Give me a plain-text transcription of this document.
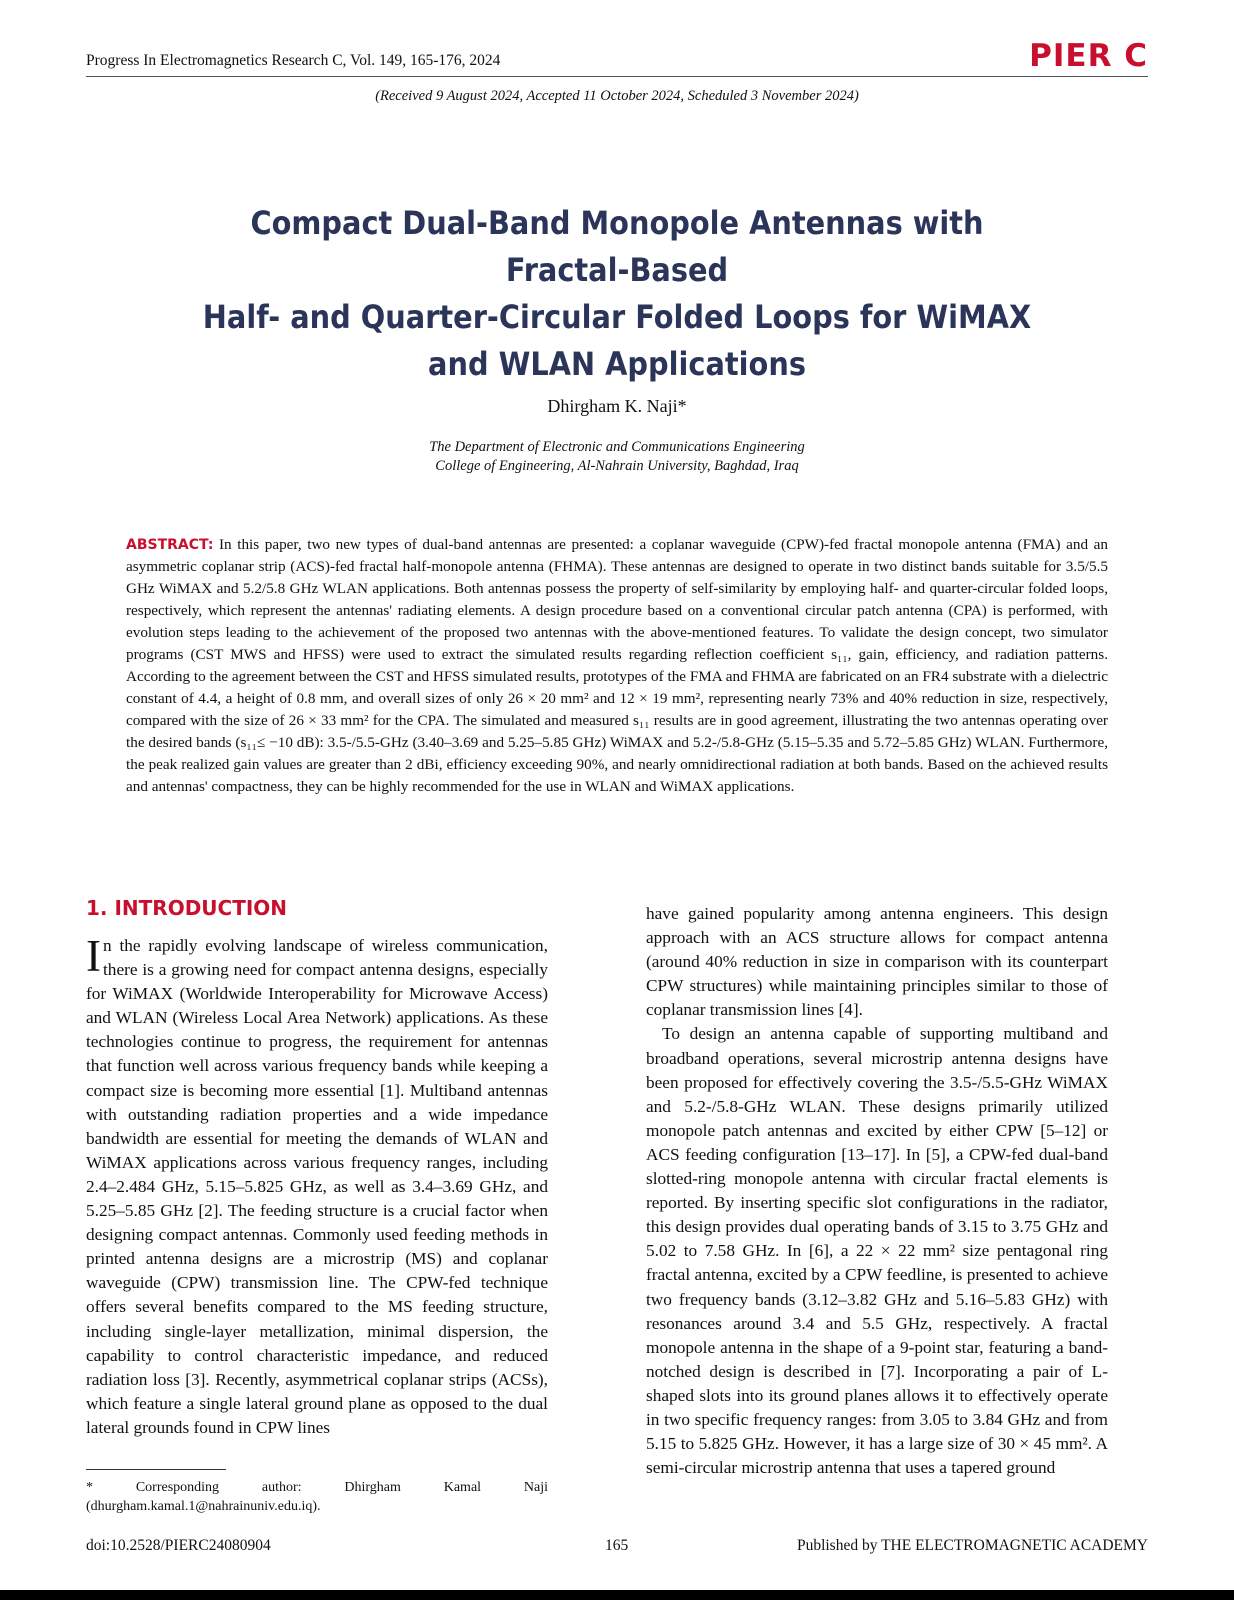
Progress In Electromagnetics Research C, Vol. 149, 165-176, 2024	PIER C
(Received 9 August 2024, Accepted 11 October 2024, Scheduled 3 November 2024)
Compact Dual-Band Monopole Antennas with Fractal-Based
Half- and Quarter-Circular Folded Loops for WiMAX
and WLAN Applications
Dhirgham K. Naji*
The Department of Electronic and Communications Engineering
College of Engineering, Al-Nahrain University, Baghdad, Iraq
ABSTRACT: In this paper, two new types of dual-band antennas are presented: a coplanar waveguide (CPW)-fed fractal monopole antenna (FMA) and an asymmetric coplanar strip (ACS)-fed fractal half-monopole antenna (FHMA). These antennas are designed to operate in two distinct bands suitable for 3.5/5.5 GHz WiMAX and 5.2/5.8 GHz WLAN applications. Both antennas possess the property of self-similarity by employing half- and quarter-circular folded loops, respectively, which represent the antennas' radiating elements. A design procedure based on a conventional circular patch antenna (CPA) is performed, with evolution steps leading to the achievement of the proposed two antennas with the above-mentioned features. To validate the design concept, two simulator programs (CST MWS and HFSS) were used to extract the simulated results regarding reflection coefficient s₁₁, gain, efficiency, and radiation patterns. According to the agreement between the CST and HFSS simulated results, prototypes of the FMA and FHMA are fabricated on an FR4 substrate with a dielectric constant of 4.4, a height of 0.8 mm, and overall sizes of only 26 × 20 mm² and 12 × 19 mm², representing nearly 73% and 40% reduction in size, respectively, compared with the size of 26 × 33 mm² for the CPA. The simulated and measured s₁₁ results are in good agreement, illustrating the two antennas operating over the desired bands (s₁₁≤ −10 dB): 3.5-/5.5-GHz (3.40–3.69 and 5.25–5.85 GHz) WiMAX and 5.2-/5.8-GHz (5.15–5.35 and 5.72–5.85 GHz) WLAN. Furthermore, the peak realized gain values are greater than 2 dBi, efficiency exceeding 90%, and nearly omnidirectional radiation at both bands. Based on the achieved results and antennas' compactness, they can be highly recommended for the use in WLAN and WiMAX applications.
1. INTRODUCTION

In the rapidly evolving landscape of wireless communication, there is a growing need for compact antenna designs, especially for WiMAX (Worldwide Interoperability for Microwave Access) and WLAN (Wireless Local Area Network) applications. As these technologies continue to progress, the requirement for antennas that function well across various frequency bands while keeping a compact size is becoming more essential [1]. Multiband antennas with outstanding radiation properties and a wide impedance bandwidth are essential for meeting the demands of WLAN and WiMAX applications across various frequency ranges, including 2.4–2.484 GHz, 5.15–5.825 GHz, as well as 3.4–3.69 GHz, and 5.25–5.85 GHz [2]. The feeding structure is a crucial factor when designing compact antennas. Commonly used feeding methods in printed antenna designs are a microstrip (MS) and coplanar waveguide (CPW) transmission line. The CPW-fed technique offers several benefits compared to the MS feeding structure, including single-layer metallization, minimal dispersion, the capability to control characteristic impedance, and reduced radiation loss [3]. Recently, asymmetrical coplanar strips (ACSs), which feature a single lateral ground plane as opposed to the dual lateral grounds found in CPW lines

have gained popularity among antenna engineers. This design approach with an ACS structure allows for compact antenna (around 40% reduction in size in comparison with its counterpart CPW structures) while maintaining principles similar to those of coplanar transmission lines [4].

To design an antenna capable of supporting multiband and broadband operations, several microstrip antenna designs have been proposed for effectively covering the 3.5-/5.5-GHz WiMAX and 5.2-/5.8-GHz WLAN. These designs primarily utilized monopole patch antennas and excited by either CPW [5–12] or ACS feeding configuration [13–17]. In [5], a CPW-fed dual-band slotted-ring monopole antenna with circular fractal elements is reported. By inserting specific slot configurations in the radiator, this design provides dual operating bands of 3.15 to 3.75 GHz and 5.02 to 7.58 GHz. In [6], a 22 × 22 mm² size pentagonal ring fractal antenna, excited by a CPW feedline, is presented to achieve two frequency bands (3.12–3.82 GHz and 5.16–5.83 GHz) with resonances around 3.4 and 5.5 GHz, respectively. A fractal monopole antenna in the shape of a 9-point star, featuring a band-notched design is described in [7]. Incorporating a pair of L-shaped slots into its ground planes allows it to effectively operate in two specific frequency ranges: from 3.05 to 3.84 GHz and from 5.15 to 5.825 GHz. However, it has a large size of 30 × 45 mm². A semi-circular microstrip antenna that uses a tapered ground

* Corresponding author: Dhirgham Kamal Naji (dhurgham.kamal.1@nahrainuniv.edu.iq).
doi:10.2528/PIERC24080904	165	Published by THE ELECTROMAGNETIC ACADEMY
